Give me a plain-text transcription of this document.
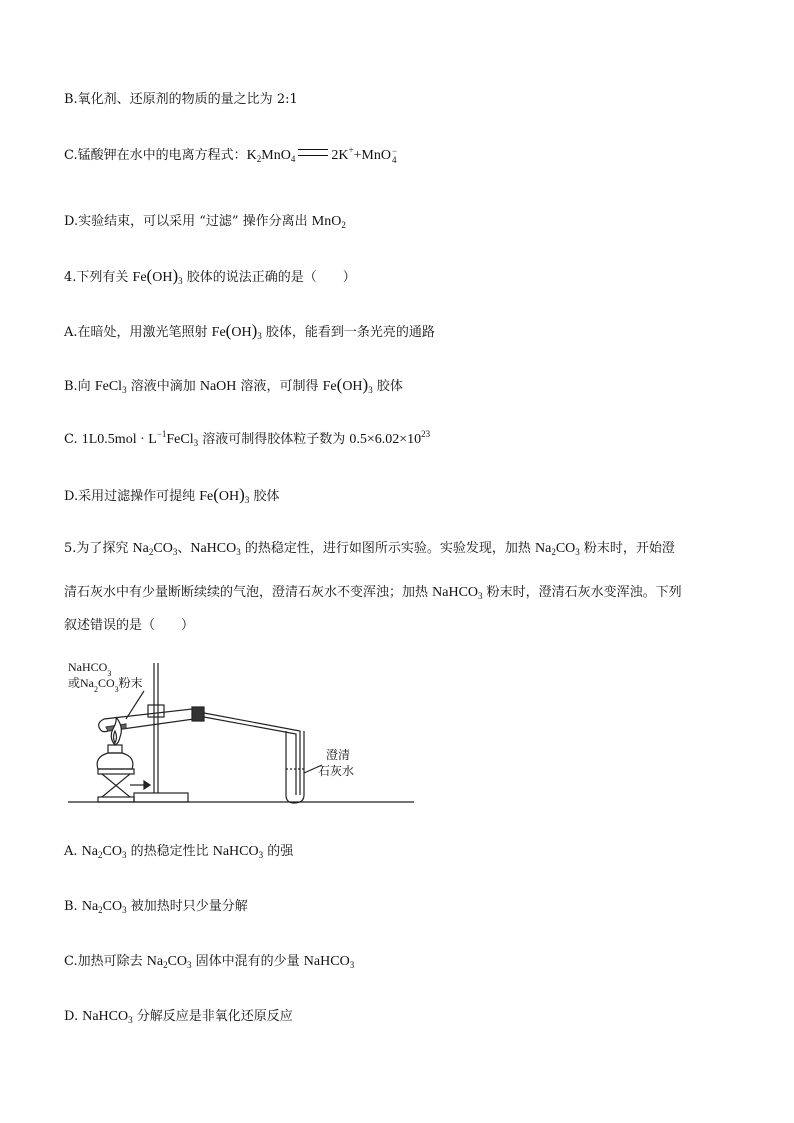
B.氧化剂、还原剂的物质的量之比为 2:1
C.锰酸钾在水中的电离方程式：$K_2MnO_4$	2K++MnO −
4
D.实验结束，可以采用 “过滤” 操作分离出 MnO$_2$
4.下列有关 $Fe(OH)_3$ 胶体的说法正确的是（　　）
A.在暗处，用激光笔照射 $Fe(OH)_3$ 胶体，能看到一条光亮的通路
B.向 FeCl$_3$ 溶液中滴加 NaOH 溶液，可制得 $Fe(OH)_3$ 胶体
C. $1L0.5mol \cdot L^{-1}FeCl_3$ 溶液可制得胶体粒子数为 $0.5\times 6.02\times 10^{23}$
D.采用过滤操作可提纯 $Fe(OH)_3$ 胶体
5.为了探究 $Na_2CO_3$、NaHCO$_3$ 的热稳定性，进行如图所示实验。实验发现，加热 $Na_2CO_3$ 粉末时，开始澄
清石灰水中有少量断断续续的气泡，澄清石灰水不变浑浊；加热 NaHCO$_3$ 粉末时，澄清石灰水变浑浊。下列
叙述错误的是（　　）
NaHCO$_3$
或$Na_2CO_3$粉末
澄清
石灰水
A. $Na_2CO_3$ 的热稳定性比 NaHCO$_3$ 的强
B. $Na_2CO_3$ 被加热时只少量分解
C.加热可除去 $Na_2CO_3$ 固体中混有的少量 NaHCO$_3$
D. NaHCO$_3$ 分解反应是非氧化还原反应
